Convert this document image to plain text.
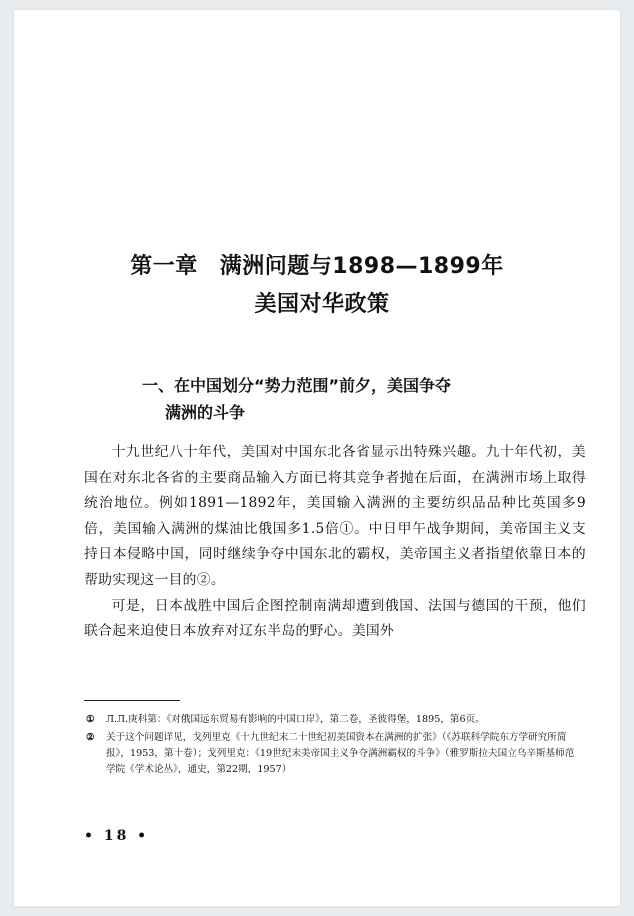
第一章 满洲问题与1898—1899年
美国对华政策
一、在中国划分“势力范围”前夕，美国争夺
满洲的斗争

十九世纪八十年代，美国对中国东北各省显示出特殊兴趣。九十年代初，美国在对东北各省的主要商品输入方面已将其竞争者抛在后面，在满洲市场上取得统治地位。例如1891—1892年，美国输入满洲的主要纺织品品种比英国多9倍，美国输入满洲的煤油比俄国多1.5倍①。中日甲午战争期间，美帝国主义支持日本侵略中国，同时继续争夺中国东北的霸权，美帝国主义者指望依靠日本的帮助实现这一目的②。

可是，日本战胜中国后企图控制南满却遭到俄国、法国与德国的干预，他们联合起来迫使日本放弃对辽东半岛的野心。美国外

① Л.Л.庚科第：《对俄国远东贸易有影响的中国口岸》，第二卷，圣彼得堡，1895，第6页。
② 关于这个问题详见，戈列里克《十九世纪末二十世纪初美国资本在满洲的扩张》（《苏联科学院东方学研究所简报》，1953，第十卷）；戈列里克：《19世纪末美帝国主义争夺满洲霸权的斗争》（雅罗斯拉夫国立乌辛斯基师范学院《学术论丛》，通史，第22期，1957）
• 18 •
